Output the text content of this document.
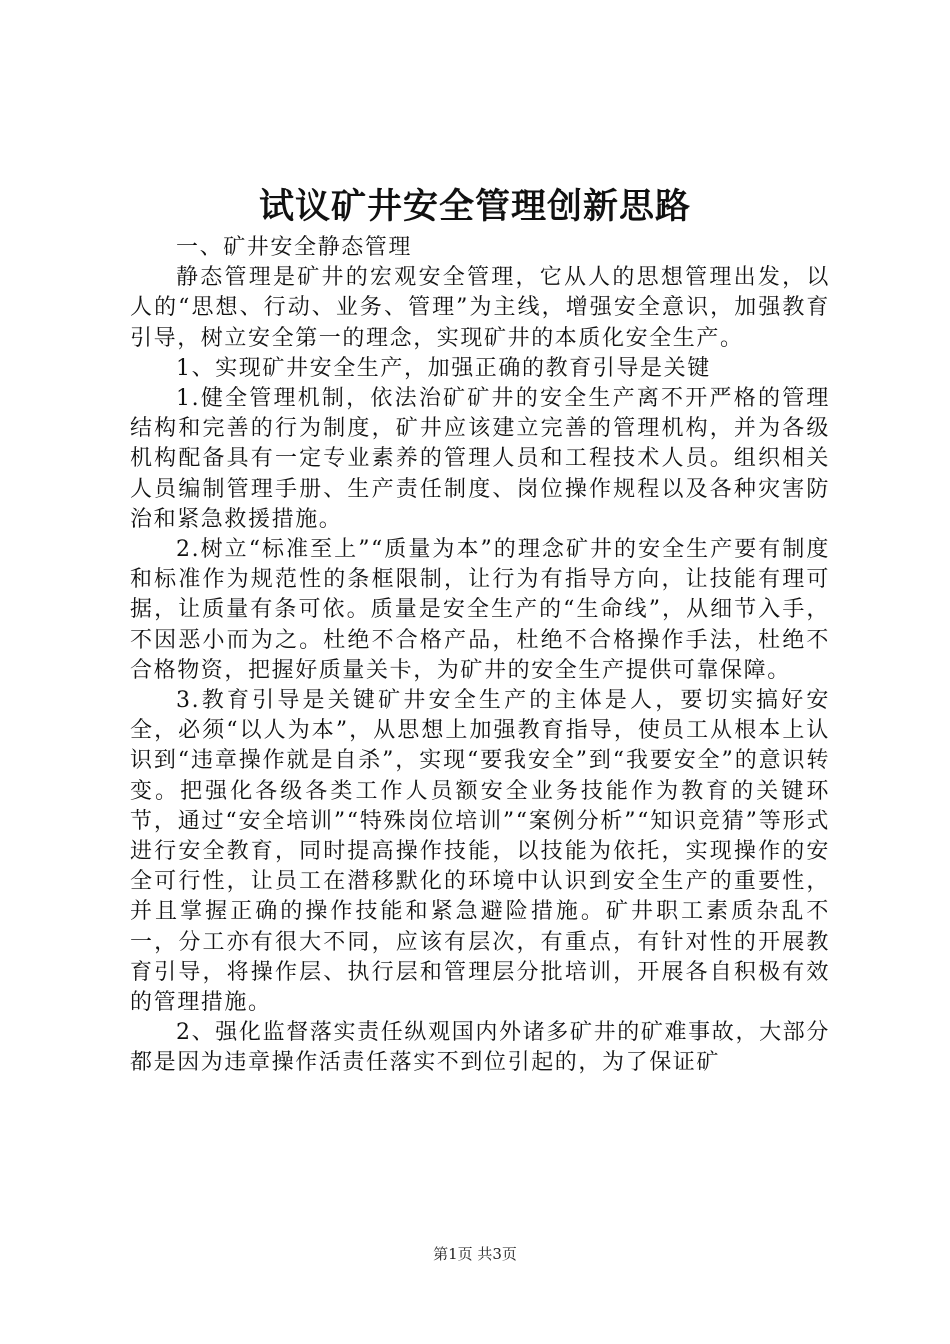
试议矿井安全管理创新思路

一、矿井安全静态管理

静态管理是矿井的宏观安全管理，它从人的思想管理出发，以人的“思想、行动、业务、管理”为主线，增强安全意识，加强教育引导，树立安全第一的理念，实现矿井的本质化安全生产。

1、实现矿井安全生产，加强正确的教育引导是关键

1.健全管理机制，依法治矿矿井的安全生产离不开严格的管理结构和完善的行为制度，矿井应该建立完善的管理机构，并为各级机构配备具有一定专业素养的管理人员和工程技术人员。组织相关人员编制管理手册、生产责任制度、岗位操作规程以及各种灾害防治和紧急救援措施。

2.树立“标准至上”“质量为本”的理念矿井的安全生产要有制度和标准作为规范性的条框限制，让行为有指导方向，让技能有理可据，让质量有条可依。质量是安全生产的“生命线”，从细节入手，不因恶小而为之。杜绝不合格产品，杜绝不合格操作手法，杜绝不合格物资，把握好质量关卡，为矿井的安全生产提供可靠保障。

3.教育引导是关键矿井安全生产的主体是人，要切实搞好安全，必须“以人为本”，从思想上加强教育指导，使员工从根本上认识到“违章操作就是自杀”，实现“要我安全”到“我要安全”的意识转变。把强化各级各类工作人员额安全业务技能作为教育的关键环节，通过“安全培训”“特殊岗位培训”“案例分析”“知识竞猜”等形式进行安全教育，同时提高操作技能，以技能为依托，实现操作的安全可行性，让员工在潜移默化的环境中认识到安全生产的重要性，并且掌握正确的操作技能和紧急避险措施。矿井职工素质杂乱不一，分工亦有很大不同，应该有层次，有重点，有针对性的开展教育引导，将操作层、执行层和管理层分批培训，开展各自积极有效的管理措施。

2、强化监督落实责任纵观国内外诸多矿井的矿难事故，大部分都是因为违章操作活责任落实不到位引起的，为了保证矿

第1页 共3页
